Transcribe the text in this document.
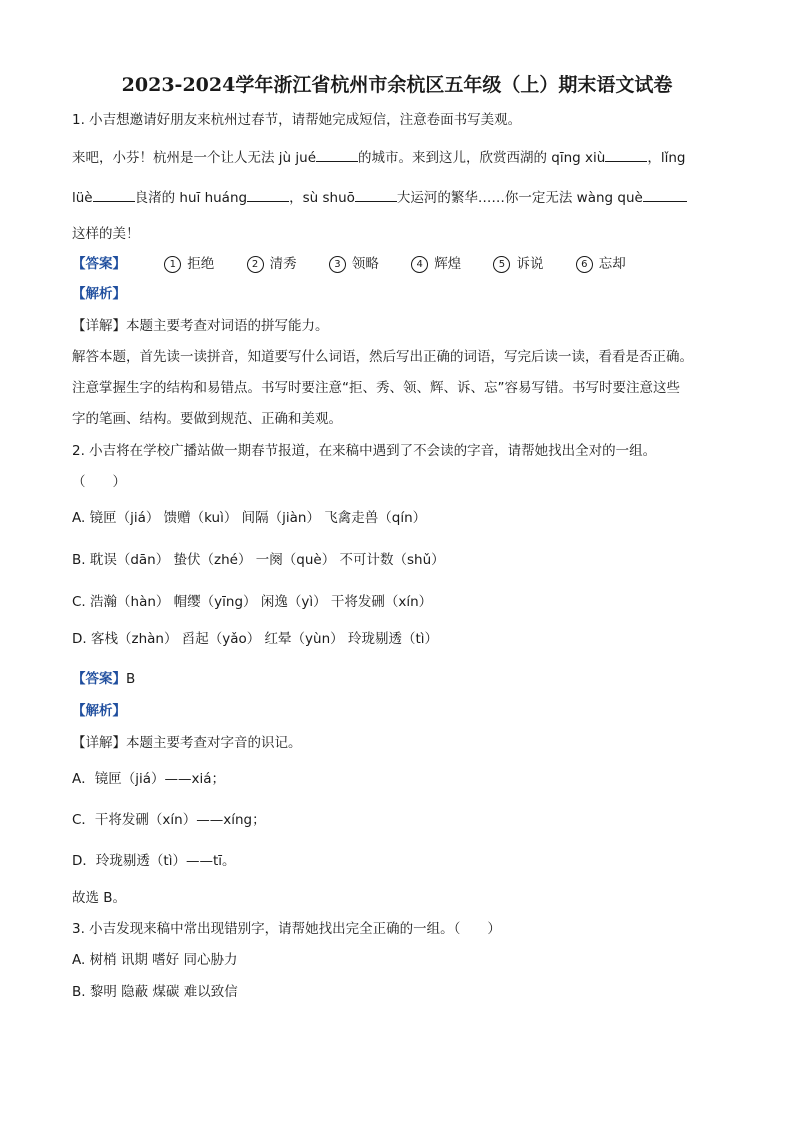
2023-2024学年浙江省杭州市余杭区五年级（上）期末语文试卷
1. 小吉想邀请好朋友来杭州过春节，请帮她完成短信，注意卷面书写美观。
来吧，小芬！杭州是一个让人无法 jù jué	的城市。来到这儿，欣赏西湖的 qīng xiù	，lǐng
lüè	良渚的 huī huáng	，sù shuō	大运河的繁华……你一定无法 wàng què
这样的美！
【答案】	1 拒绝	2 清秀	3 领略	4 辉煌	5 诉说	6 忘却
【解析】
【详解】本题主要考查对词语的拼写能力。
解答本题，首先读一读拼音，知道要写什么词语，然后写出正确的词语，写完后读一读，看看是否正确。
注意掌握生字的结构和易错点。书写时要注意“拒、秀、领、辉、诉、忘”容易写错。书写时要注意这些
字的笔画、结构。要做到规范、正确和美观。
2. 小吉将在学校广播站做一期春节报道，在来稿中遇到了不会读的字音，请帮她找出全对的一组。
（　　）
A. 镜匣（jiá） 馈赠（kuì） 间隔（jiàn） 飞禽走兽（qín）
B. 耽误（dān） 蛰伏（zhé） 一阕（què） 不可计数（shǔ）
C. 浩瀚（hàn） 帽缨（yīng） 闲逸（yì） 干将发硎（xín）
D. 客栈（zhàn） 舀起（yǎo） 红晕（yùn） 玲珑剔透（tì）
【答案】B
【解析】
【详解】本题主要考查对字音的识记。
A．镜匣（jiá）——xiá；
C．干将发硎（xín）——xíng；
D．玲珑剔透（tì）——tī。
故选 B。
3. 小吉发现来稿中常出现错别字，请帮她找出完全正确的一组。（　　）
A. 树梢 讯期 嗜好 同心胁力
B. 黎明 隐蔽 煤碳 难以致信
